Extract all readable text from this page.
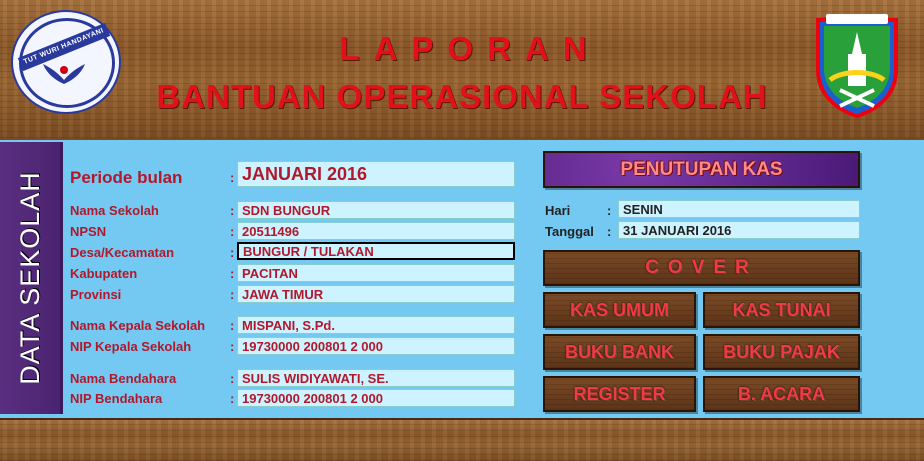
TUT WURI HANDAYANI	LAPORAN
BANTUAN OPERASIONAL SEKOLAH
DATA SEKOLAH Periode bulan	: JANUARI 2016
Nama Sekolah	: SDN BUNGUR
NPSN	: 20511496
Desa/Kecamatan	: BUNGUR / TULAKAN
Kabupaten	: PACITAN
Provinsi	: JAWA TIMUR
Nama Kepala Sekolah : MISPANI, S.Pd.
NIP Kepala Sekolah	: 19730000 200801 2 000
Nama Bendahara	: SULIS WIDIYAWATI, SE.
NIP Bendahara	: 19730000 200801 2 000
PENUTUPAN KAS
Hari	: SENIN
Tanggal : 31 JANUARI 2016
COVER
KAS UMUM	KAS TUNAI
BUKU BANK	BUKU PAJAK
REGISTER	B. ACARA
